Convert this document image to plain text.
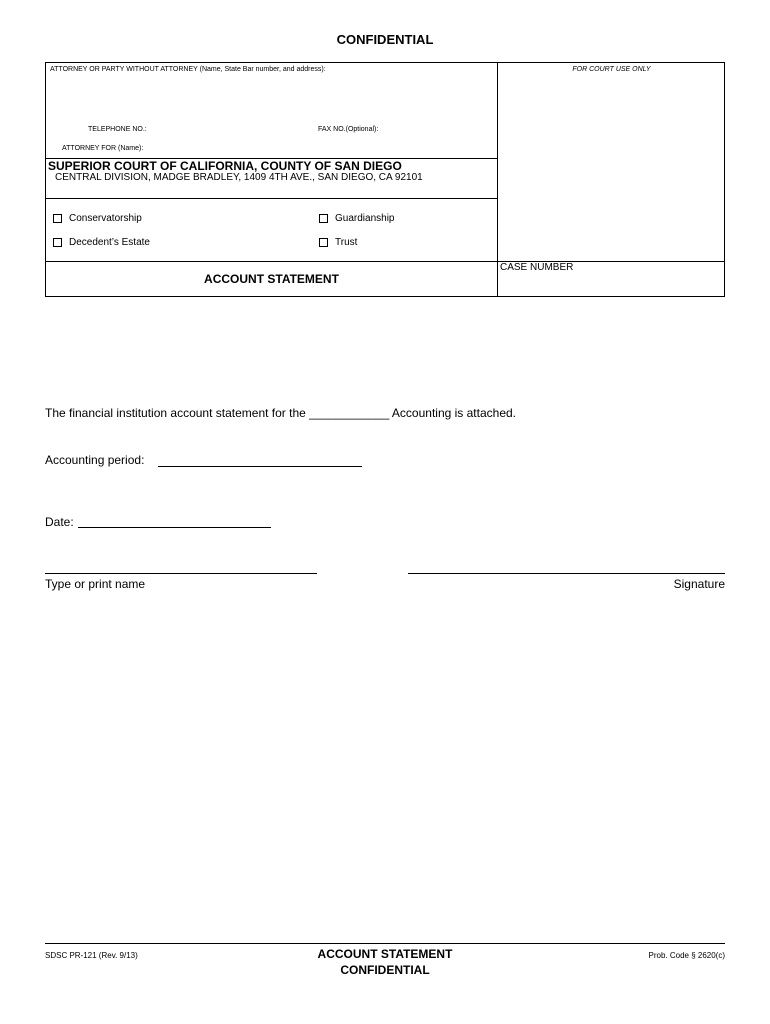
CONFIDENTIAL
ATTORNEY OR PARTY WITHOUT ATTORNEY (Name, State Bar number, and address):	FOR COURT USE ONLY
TELEPHONE NO.:	FAX NO.(Optional):
ATTORNEY FOR (Name):
SUPERIOR COURT OF CALIFORNIA, COUNTY OF SAN DIEGO
CENTRAL DIVISION, MADGE BRADLEY, 1409 4TH AVE., SAN DIEGO, CA 92101
Conservatorship	Guardianship
Decedent’s Estate	Trust
ACCOUNT STATEMENT
CASE NUMBER
The financial institution account statement for the ____________ Accounting is attached.
Accounting period:
Date:
Type or print name	Signature
SDSC PR-121 (Rev. 9/13)	ACCOUNT STATEMENT
CONFIDENTIAL
Prob. Code § 2620(c)
